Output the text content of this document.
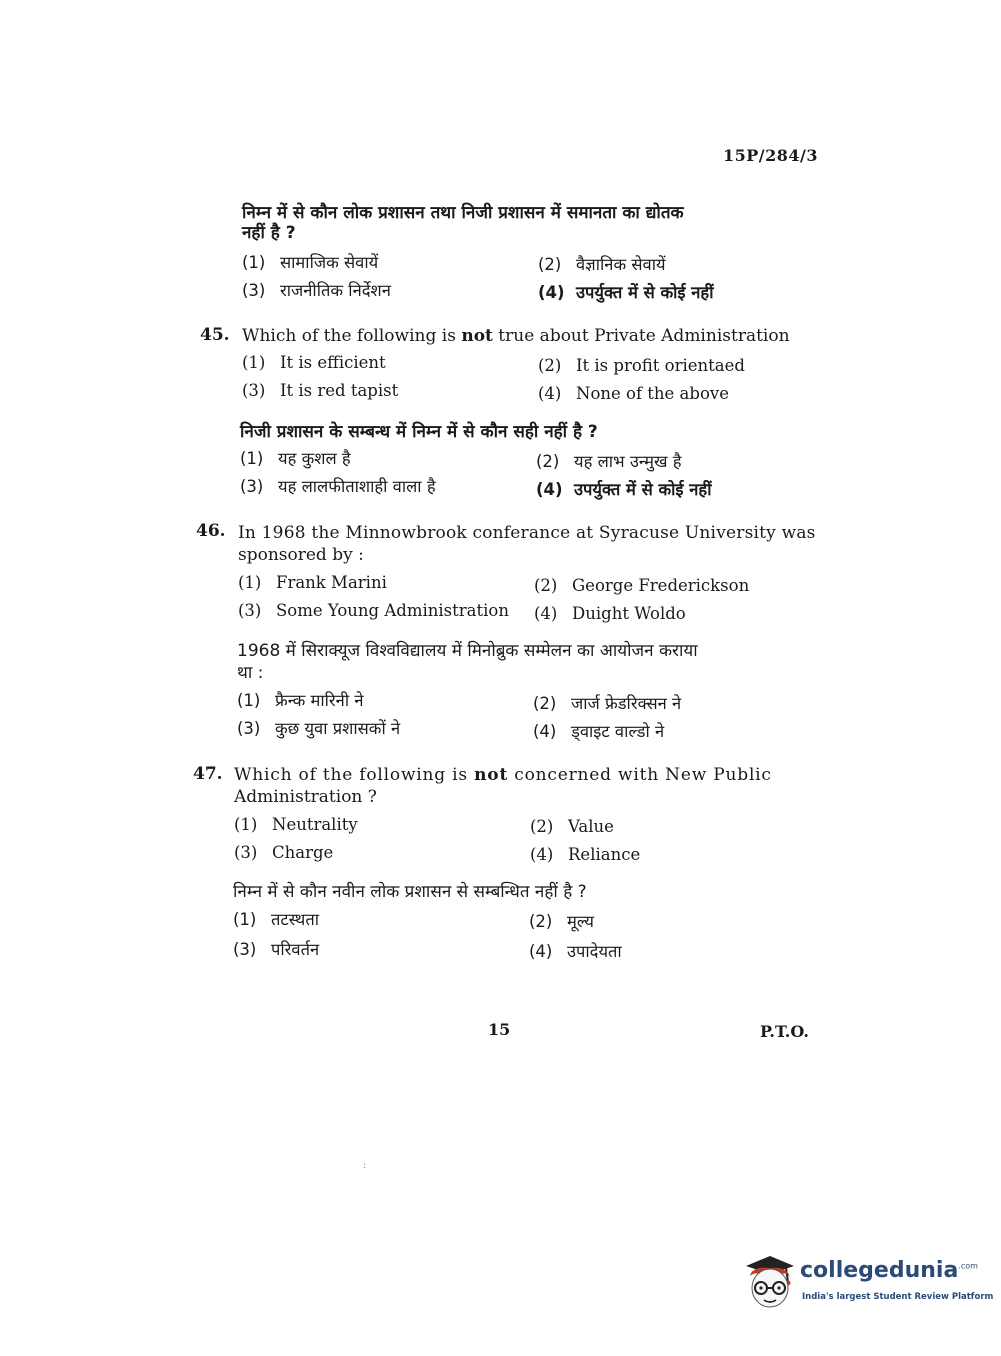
15P/284/3
निम्न में से कौन लोक प्रशासन तथा निजी प्रशासन में समानता का द्योतक
नहीं है ?
(1) सामाजिक सेवायें	(2) वैज्ञानिक सेवायें
(3) राजनीतिक निर्देशन	(4) उपर्युक्त में से कोई नहीं
45. Which of the following is not true about Private Administration
(1) It is efficient	(2) It is profit orientaed
(3) It is red tapist	(4) None of the above
निजी प्रशासन के सम्बन्ध में निम्न में से कौन सही नहीं है ?
(1) यह कुशल है	(2) यह लाभ उन्मुख है
(3) यह लालफीताशाही वाला है	(4) उपर्युक्त में से कोई नहीं
46. In 1968 the Minnowbrook conferance at Syracuse University was
sponsored by :
(1) Frank Marini	(2) George Frederickson
(3) Some Young Administration (4) Duight Woldo
1968 में सिराक्यूज विश्वविद्यालय में मिनोब्रुक सम्मेलन का आयोजन कराया
था :
(1) फ्रैन्क मारिनी ने	(2) जार्ज फ्रेडरिक्सन ने
(3) कुछ युवा प्रशासकों ने	(4) ड्वाइट वाल्डो ने
47. Which of the following is not concerned with New Public
Administration ?
(1) Neutrality	(2) Value
(3) Charge	(4) Reliance
निम्न में से कौन नवीन लोक प्रशासन से सम्बन्धित नहीं है ?
(1) तटस्थता	(2) मूल्य
(3) परिवर्तन	(4) उपादेयता
15	P.T.O.
:
collegedunia$^{.com}$
India's largest Student Review Platform
